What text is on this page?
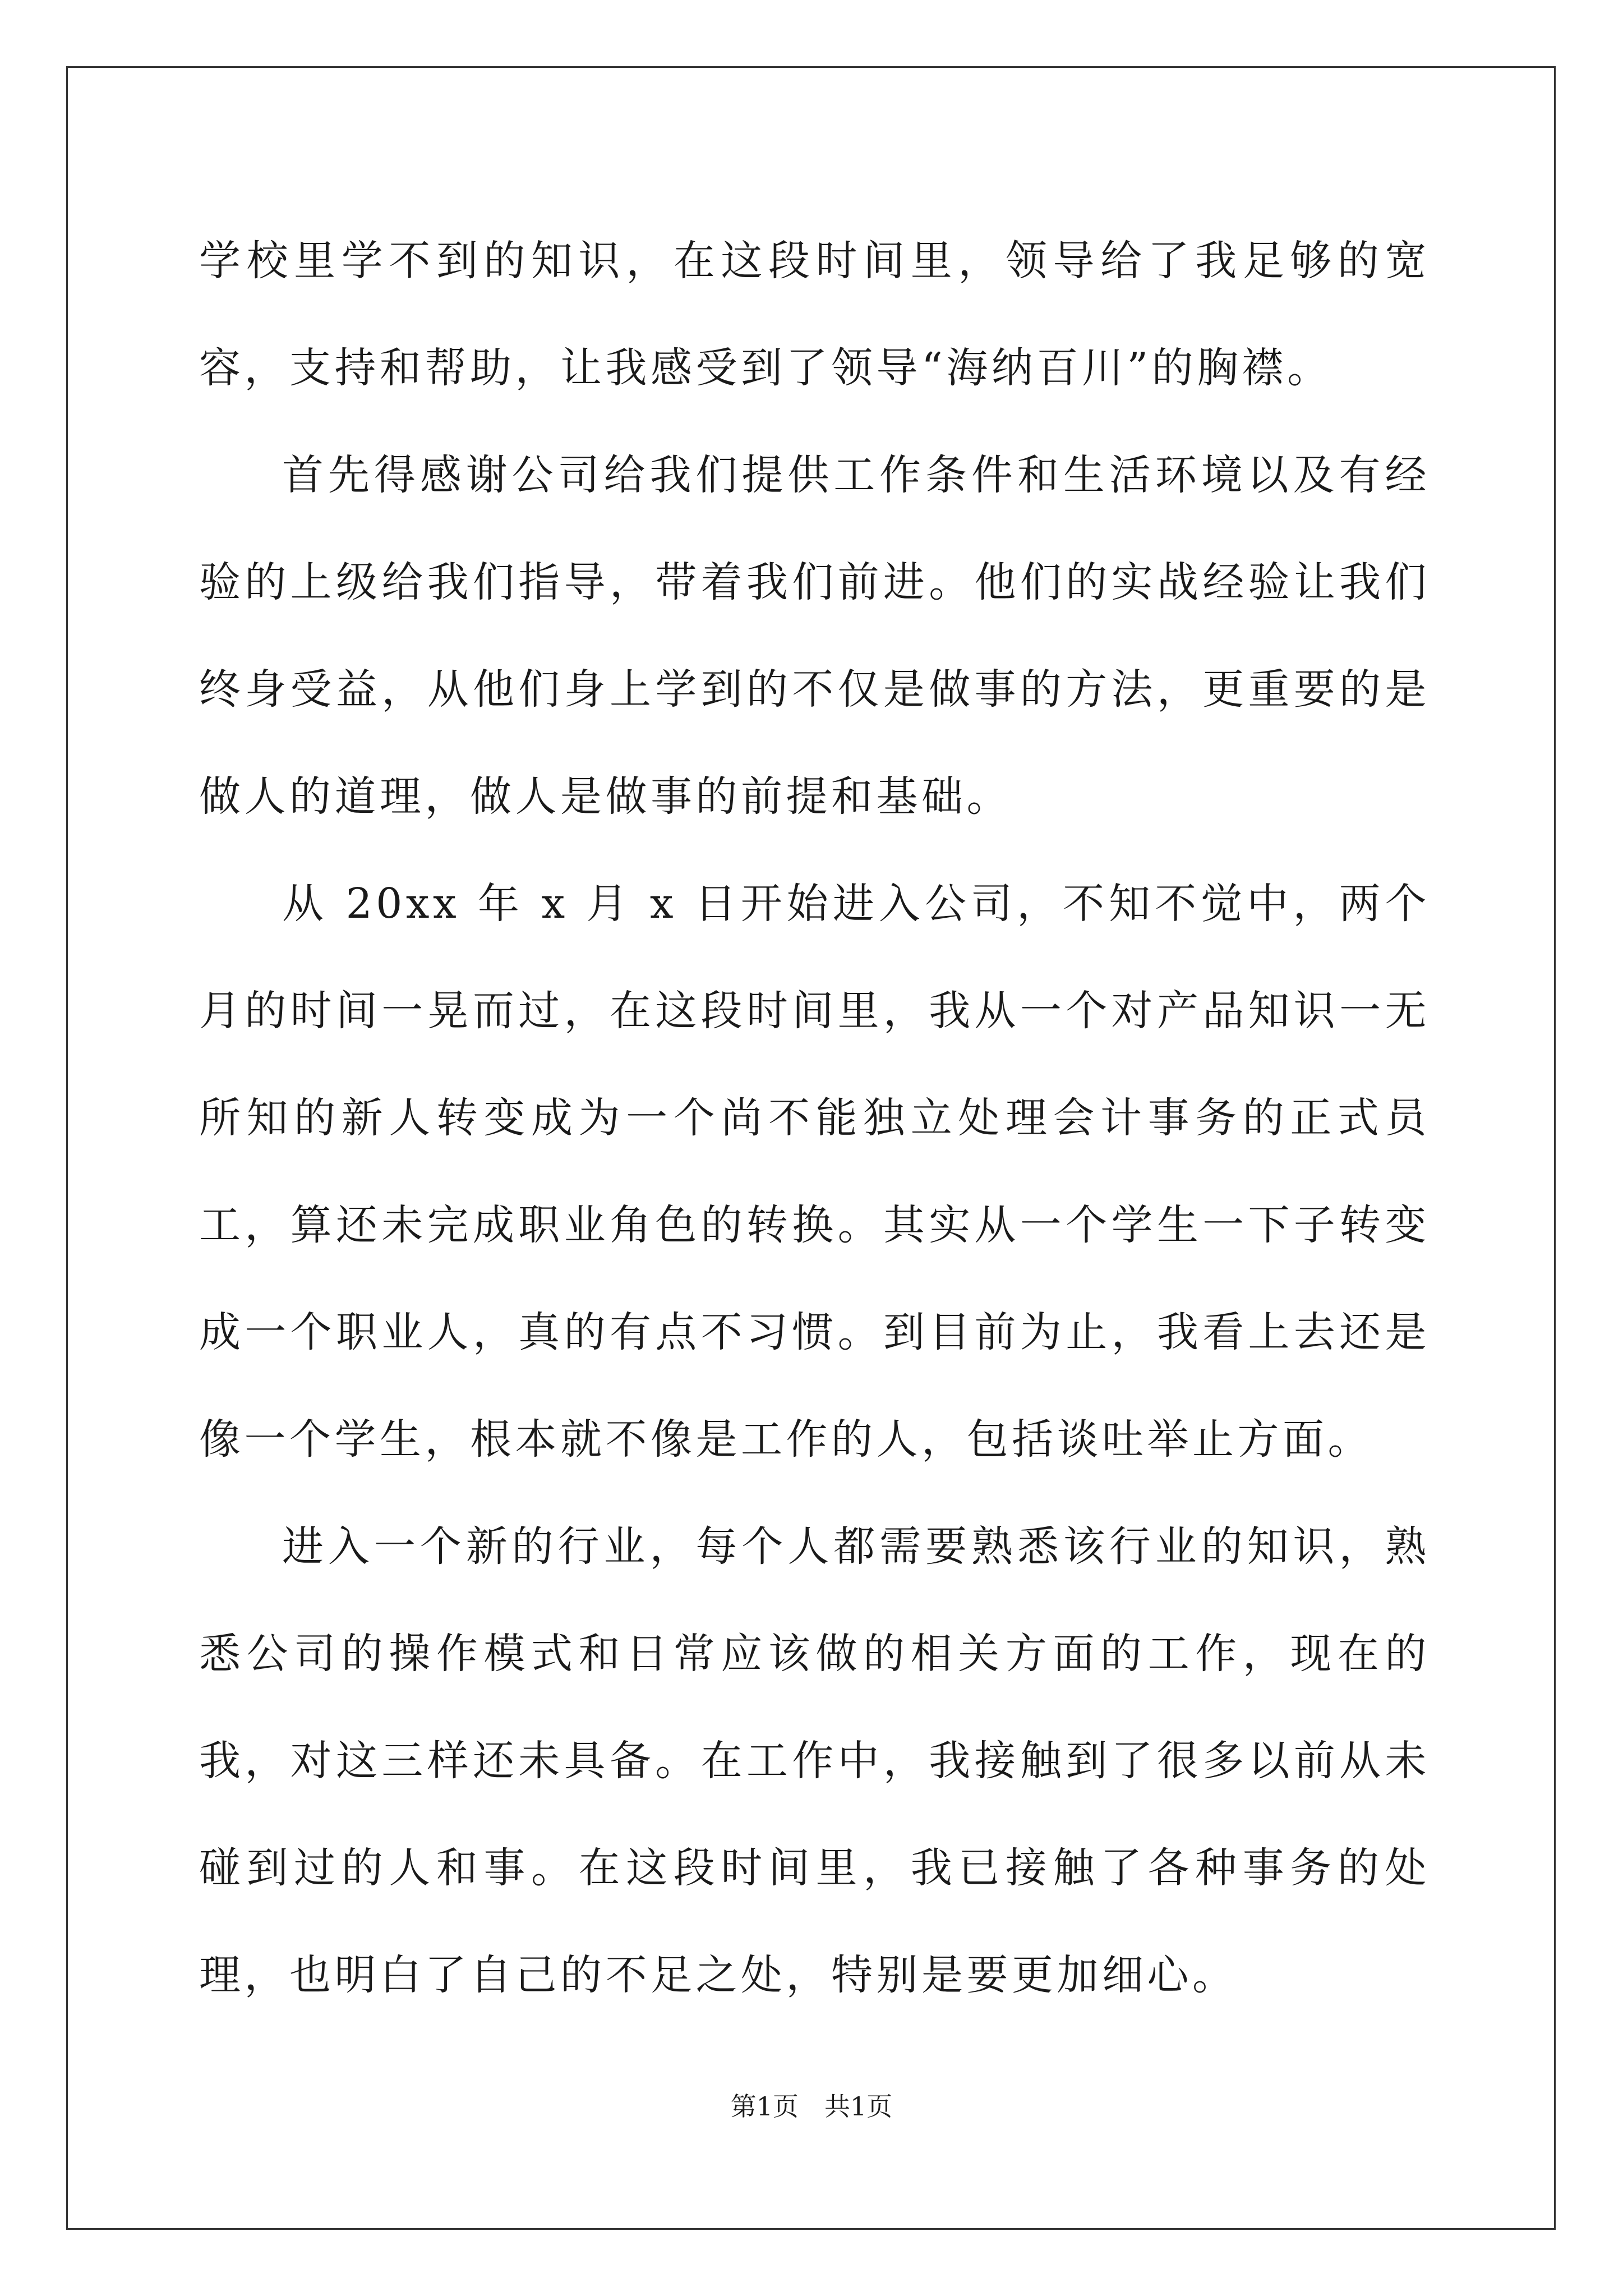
学校里学不到的知识，在这段时间里，领导给了我足够的宽容，支持和帮助，让我感受到了领导“海纳百川”的胸襟。

首先得感谢公司给我们提供工作条件和生活环境以及有经验的上级给我们指导，带着我们前进。他们的实战经验让我们终身受益，从他们身上学到的不仅是做事的方法，更重要的是做人的道理，做人是做事的前提和基础。

从 20xx 年 x 月 x 日开始进入公司，不知不觉中，两个月的时间一晃而过，在这段时间里，我从一个对产品知识一无所知的新人转变成为一个尚不能独立处理会计事务的正式员工，算还未完成职业角色的转换。其实从一个学生一下子转变成一个职业人，真的有点不习惯。到目前为止，我看上去还是像一个学生，根本就不像是工作的人，包括谈吐举止方面。

进入一个新的行业，每个人都需要熟悉该行业的知识，熟悉公司的操作模式和日常应该做的相关方面的工作，现在的我，对这三样还未具备。在工作中，我接触到了很多以前从未碰到过的人和事。在这段时间里，我已接触了各种事务的处理，也明白了自己的不足之处，特别是要更加细心。

第1页 共1页
